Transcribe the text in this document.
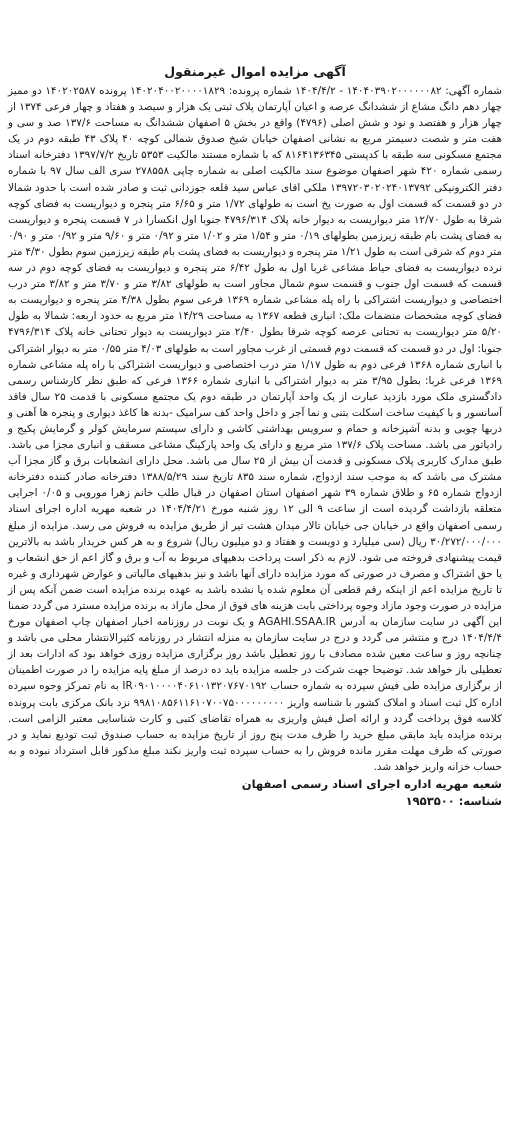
آگهی مزایده اموال غیرمنقول

شماره آگهی: ۱۴۰۴۰۳۹۰۲۰۰۰۰۰۰۸۲ - ۱۴۰۴/۴/۲ شماره پرونده: ۱۴۰۲۰۴۰۰۲۰۰۰۰۱۸۲۹ پرونده ۱۴۰۲۰۲۵۸۷ دو ممیز چهار دهم دانگ مشاع از ششدانگ عرصه و اعیان آپارتمان پلاک ثبتی یک هزار و سیصد و هفتاد و چهار فرعی ۱۳۷۴ از چهار هزار و هفتصد و نود و شش اصلی (۴۷۹۶) واقع در بخش ۵ اصفهان ششدانگ به مساحت ۱۳۷/۶ صد و سی و هفت متر و شصت دسیمتر مربع به نشانی اصفهان خیابان شیخ صدوق شمالی کوچه ۴۰ پلاک ۴۳ طبقه دوم در یک مجتمع مسکونی سه طبقه با کدپستی ۸۱۶۴۱۳۶۳۴۵ که با شماره مستند مالکیت ۵۳۵۳ تاریخ ۱۳۹۷/۷/۲ دفترخانه اسناد رسمی شماره ۴۲۰ شهر اصفهان موضوع سند مالکیت اصلی به شماره چاپی ۲۷۸۵۵۸ سری الف سال ۹۷ با شماره دفتر الکترونیکی ۱۳۹۷۲۰۳۰۲۰۲۴۰۱۳۷۹۲ ملکی اقای عباس سید قلعه جوزدانی ثبت و صادر شده است با حدود شمالا در دو قسمت که قسمت اول به صورت پخ است به طولهای ۱/۷۲ متر و ۶/۶۵ متر پنجره و دیواریست به فضای کوچه شرقا به طول ۱۲/۷۰ متر دیواریست به دیوار خانه پلاک ۴۷۹۶/۳۱۴ جنوبا اول انکسارا در ۷ قسمت پنجره و دیواریست به فضای پشت بام طبقه زیرزمین بطولهای ۰/۱۹ متر و ۱/۵۴ متر و ۱/۰۲ متر و ۰/۹۲ متر و ۹/۶۰ متر و ۰/۹۲ متر و ۰/۹۰ متر دوم که شرقی است به طول ۱/۲۱ متر پنجره و دیواریست به فضای پشت بام طبقه زیرزمین سوم بطول ۴/۳۰ متر نرده دیواریست به فضای حیاط مشاعی غربا اول به طول ۶/۴۲ متر پنجره و دیواریست به فضای کوچه دوم در سه قسمت که قسمت اول جنوب و قسمت سوم شمال مجاور است به طولهای ۳/۸۲ متر و ۳/۷۰ متر و ۳/۸۲ متر درب اختصاصی و دیواریست اشتراکی با راه پله مشاعی شماره ۱۳۶۹ فرعی سوم بطول ۴/۳۸ متر پنجره و دیواریست به فضای کوچه مشخصات منضمات ملک: انباری قطعه ۱۳۶۷ به مساحت ۱۴/۲۹ متر مربع به حدود اربعه: شمالا به طول ۵/۲۰ متر دیواریست به تحتانی عرصه کوچه شرقا بطول ۲/۴۰ متر دیواریست به دیوار تحتانی خانه پلاک ۴۷۹۶/۳۱۴ جنوبا: اول در دو قسمت که قسمت دوم قسمتی از غرب مجاور است به طولهای ۴/۰۳ متر ۰/۵۵ متر به دیوار اشتراکی با انباری شماره ۱۳۶۸ فرعی دوم به طول ۱/۱۷ متر درب اختصاصی و دیواریست اشتراکی با راه پله مشاعی شماره ۱۳۶۹ فرعی غربا: بطول ۳/۹۵ متر به دیوار اشتراکی با انباری شماره ۱۳۶۶ فرعی که طبق نظر کارشناس رسمی دادگستری ملک مورد بازدید عبارت از یک واحد آپارتمان در طبقه دوم یک مجتمع مسکونی با قدمت ۲۵ سال فاقد آسانسور و با کیفیت ساخت اسکلت بتنی و نما آجر و داخل واحد کف سرامیک -بدنه ها کاغذ دیواری و پنجره ها آهنی و دربها چوبی و بدنه آشپزخانه و حمام و سرویس بهداشتی کاشی و دارای سیستم سرمایش کولر و گرمایش پکیج و رادیاتور می باشد. مساحت پلاک ۱۳۷/۶ متر مربع و دارای یک واحد پارکینگ مشاعی مسقف و انباری مجزا می باشد. طبق مدارک کاربری پلاک مسکونی و قدمت آن بیش از ۲۵ سال می باشد. محل دارای انشعابات برق و گاز مجزا آب مشترک می باشد که به موجب سند ازدواج، شماره سند ۸۳۵ تاریخ سند ۱۳۸۸/۵/۲۹ دفترخانه صادر کننده دفترخانه ازدواج شماره ۶۵ و طلاق شماره ۳۹ شهر اصفهان استان اصفهان در قبال طلب خانم زهرا مورویی و ۰/۰۵ اجرایی متعلقه بازداشت گردیده است از ساعت ۹ الی ۱۲ روز شنبه مورخ ۱۴۰۴/۴/۲۱ در شعبه مهریه اداره اجرای اسناد رسمی اصفهان واقع در خیابان جی خیابان تالار میدان هشت تیر از طریق مزایده به فروش می رسد. مزایده از مبلغ ۳۰/۲۷۲/۰۰۰/۰۰۰ ریال (سی میلیارد و دویست و هفتاد و دو میلیون ریال) شروع و به هر کس خریدار باشد به بالاترین قیمت پیشنهادی فروخته می شود. لازم به ذکر است پرداخت بدهیهای مربوط به آب و برق و گاز اعم از حق انشعاب و یا حق اشتراک و مصرف در صورتی که مورد مزایده دارای آنها باشد و نیز بدهیهای مالیاتی و عوارض شهرداری و غیره تا تاریخ مزایده اعم از اینکه رقم قطعی آن معلوم شده یا نشده باشد به عهده برنده مزایده است ضمن آنکه پس از مزایده در صورت وجود مازاد وجوه پرداختی بابت هزینه های فوق از محل مازاد به برنده مزایده مسترد می گردد ضمنا این آگهی در سایت سازمان به آدرس AGAHI.SSAA.IR و یک نوبت در روزنامه اخبار اصفهان چاپ اصفهان مورخ ۱۴۰۴/۴/۴ درج و منتشر می گردد و درج در سایت سازمان به منزله انتشار در روزنامه کثیرالانتشار محلی می باشد و چنانچه روز و ساعت معین شده مصادف با روز تعطیل باشد روز برگزاری مزایده روزی خواهد بود که ادارات بعد از تعطیلی باز خواهد شد. توضیحا جهت شرکت در جلسه مزایده باید ده درصد از مبلغ پایه مزایده را در صورت اطمینان از برگزاری مزایده طی فیش سپرده به شماره حساب IR۰۹۰۱۰۰۰۰۴۰۶۱۰۱۳۲۰۷۶۷۰۱۹۲ به نام تمرکز وجوه سپرده اداره کل ثبت اسناد و املاک کشور با شناسه واریز ۹۹۸۱۰۸۵۶۱۱۶۱۰۷۰۰۷۵۰۰۰۰۰۰۰۰۰ نزد بانک مرکزی بابت پرونده کلاسه فوق پرداخت گردد و ارائه اصل فیش واریزی به همراه تقاضای کتبی و کارت شناسایی معتبر الزامی است. برنده مزایده باید مابقی مبلغ خرید را ظرف مدت پنج روز از تاریخ مزایده به حساب صندوق ثبت تودیع نماید و در صورتی که ظرف مهلت مقرر مانده فروش را به حساب سپرده ثبت واریز نکند مبلغ مذکور قابل استرداد نبوده و به حساب خزانه واریز خواهد شد.

شعبه مهریه اداره اجرای اسناد رسمی اصفهان
شناسه: ۱۹۵۳۵۰۰
